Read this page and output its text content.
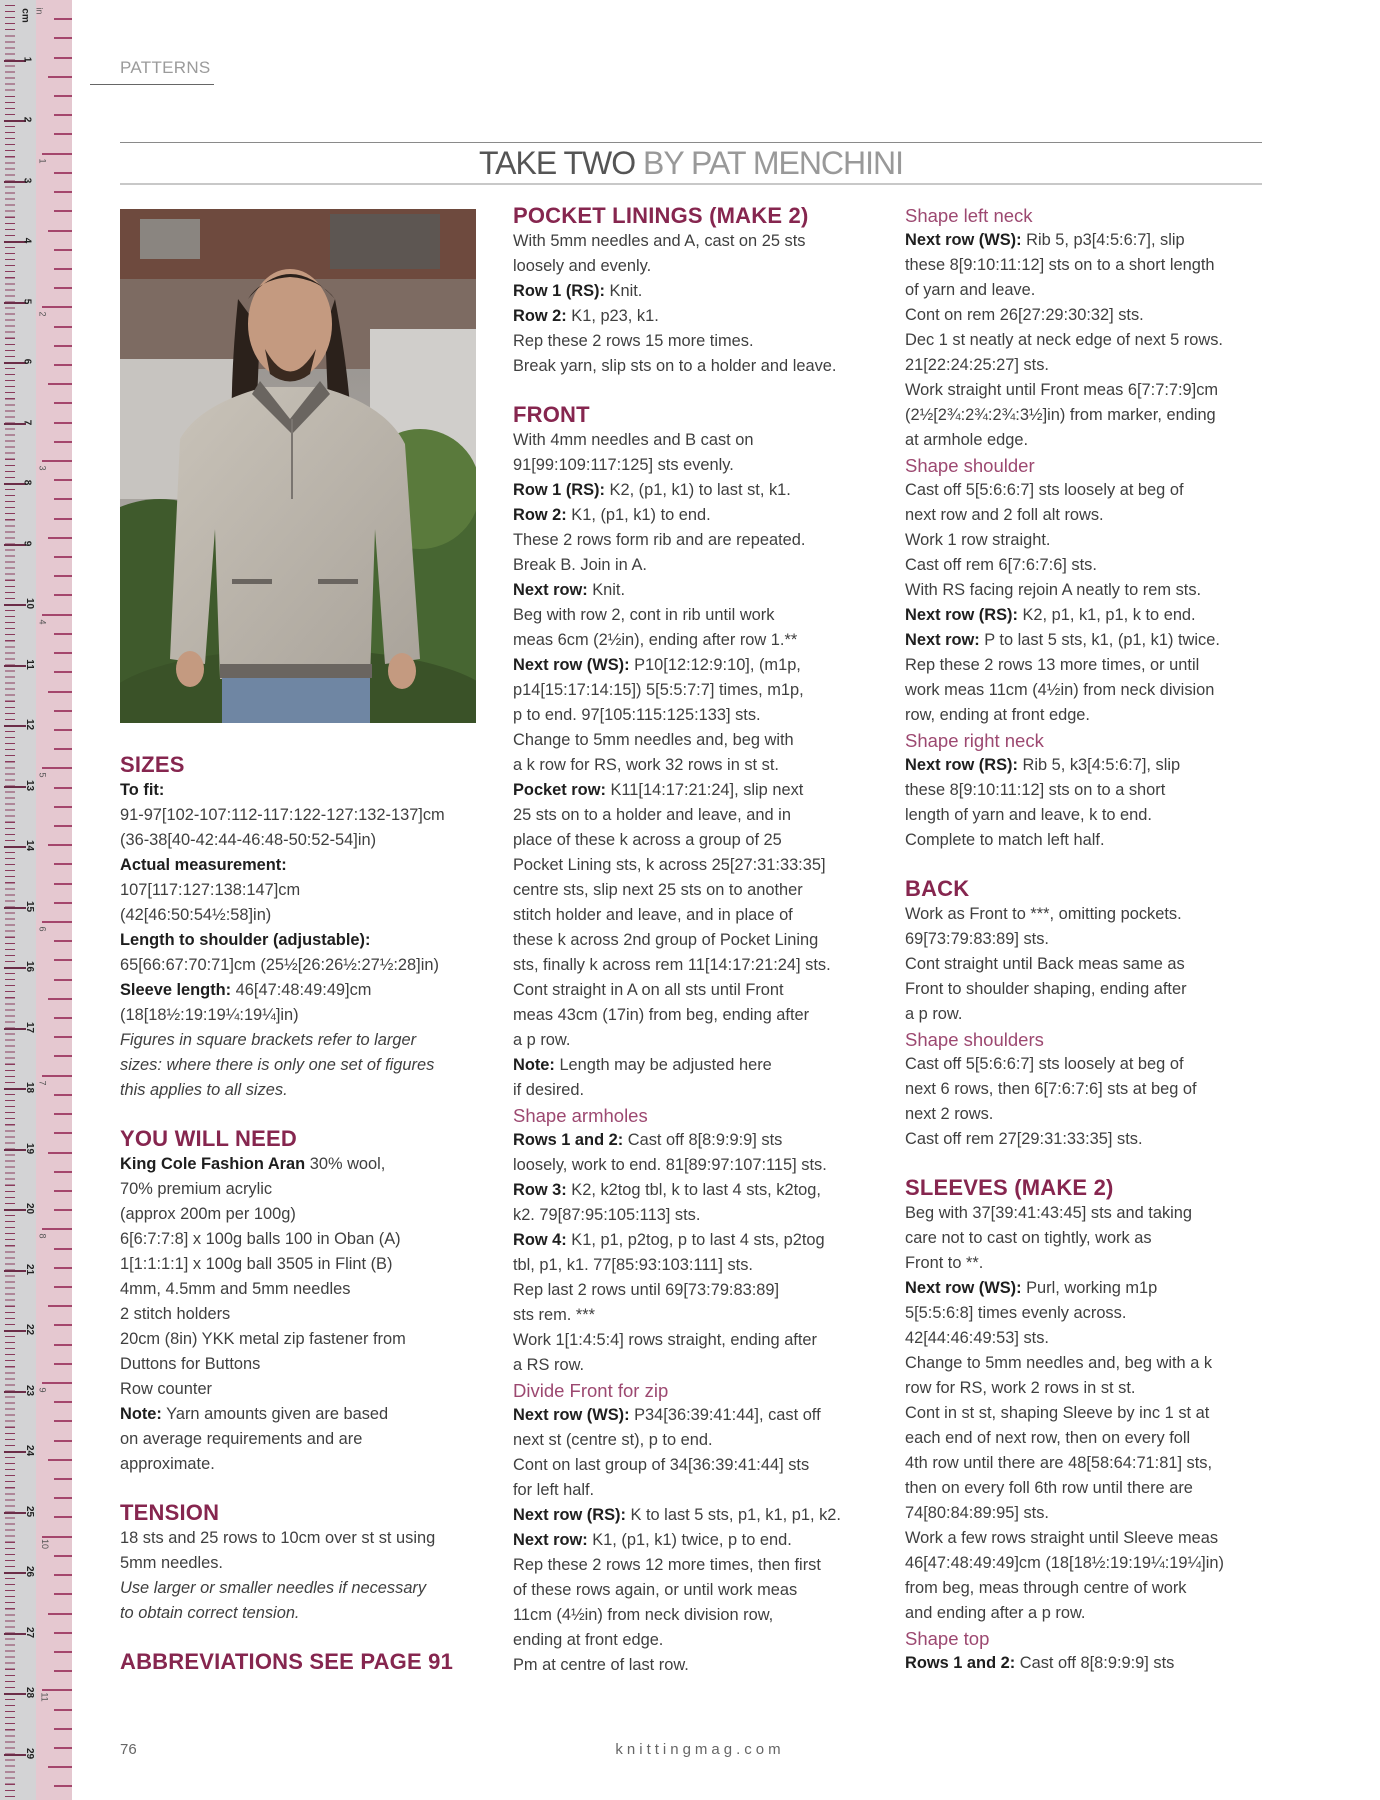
cm in
1
2
3
4
5
6
7
8
9
10
11
12
13
14
15
16
17
18
19
20
21
22
23
24
25
26
27
28
29
1
2
3
4
5
6
7
8
9
10
11
PATTERNS
TAKE TWO BY PAT MENCHINI
SIZES
To fit:
91-97[102-107:112-117:122-127:132-137]cm
(36-38[40-42:44-46:48-50:52-54]in)
Actual measurement:
107[117:127:138:147]cm
(42[46:50:54½:58]in)
Length to shoulder (adjustable):
65[66:67:70:71]cm (25½[26:26½:27½:28]in)
Sleeve length: 46[47:48:49:49]cm
(18[18½:19:19¼:19¼]in)
Figures in square brackets refer to larger
sizes: where there is only one set of figures
this applies to all sizes.
YOU WILL NEED
King Cole Fashion Aran 30% wool,
70% premium acrylic
(approx 200m per 100g)
6[6:7:7:8] x 100g balls 100 in Oban (A)
1[1:1:1:1] x 100g ball 3505 in Flint (B)
4mm, 4.5mm and 5mm needles
2 stitch holders
20cm (8in) YKK metal zip fastener from
Duttons for Buttons
Row counter
Note: Yarn amounts given are based
on average requirements and are
approximate.
TENSION
18 sts and 25 rows to 10cm over st st using
5mm needles.
Use larger or smaller needles if necessary
to obtain correct tension.
ABBREVIATIONS SEE PAGE 91
POCKET LININGS (MAKE 2)
With 5mm needles and A, cast on 25 sts
loosely and evenly.
Row 1 (RS): Knit.
Row 2: K1, p23, k1.
Rep these 2 rows 15 more times.
Break yarn, slip sts on to a holder and leave.
FRONT
With 4mm needles and B cast on
91[99:109:117:125] sts evenly.
Row 1 (RS): K2, (p1, k1) to last st, k1.
Row 2: K1, (p1, k1) to end.
These 2 rows form rib and are repeated.
Break B. Join in A.
Next row: Knit.
Beg with row 2, cont in rib until work
meas 6cm (2½in), ending after row 1.**
Next row (WS): P10[12:12:9:10], (m1p,
p14[15:17:14:15]) 5[5:5:7:7] times, m1p,
p to end. 97[105:115:125:133] sts.
Change to 5mm needles and, beg with
a k row for RS, work 32 rows in st st.
Pocket row: K11[14:17:21:24], slip next
25 sts on to a holder and leave, and in
place of these k across a group of 25
Pocket Lining sts, k across 25[27:31:33:35]
centre sts, slip next 25 sts on to another
stitch holder and leave, and in place of
these k across 2nd group of Pocket Lining
sts, finally k across rem 11[14:17:21:24] sts.
Cont straight in A on all sts until Front
meas 43cm (17in) from beg, ending after
a p row.
Note: Length may be adjusted here
if desired.
Shape armholes
Rows 1 and 2: Cast off 8[8:9:9:9] sts
loosely, work to end. 81[89:97:107:115] sts.
Row 3: K2, k2tog tbl, k to last 4 sts, k2tog,
k2. 79[87:95:105:113] sts.
Row 4: K1, p1, p2tog, p to last 4 sts, p2tog
tbl, p1, k1. 77[85:93:103:111] sts.
Rep last 2 rows until 69[73:79:83:89]
sts rem. ***
Work 1[1:4:5:4] rows straight, ending after
a RS row.
Divide Front for zip
Next row (WS): P34[36:39:41:44], cast off
next st (centre st), p to end.
Cont on last group of 34[36:39:41:44] sts
for left half.
Next row (RS): K to last 5 sts, p1, k1, p1, k2.
Next row: K1, (p1, k1) twice, p to end.
Rep these 2 rows 12 more times, then first
of these rows again, or until work meas
11cm (4½in) from neck division row,
ending at front edge.
Pm at centre of last row.
Shape left neck
Next row (WS): Rib 5, p3[4:5:6:7], slip
these 8[9:10:11:12] sts on to a short length
of yarn and leave.
Cont on rem 26[27:29:30:32] sts.
Dec 1 st neatly at neck edge of next 5 rows.
21[22:24:25:27] sts.
Work straight until Front meas 6[7:7:7:9]cm
(2½[2¾:2¾:2¾:3½]in) from marker, ending
at armhole edge.
Shape shoulder
Cast off 5[5:6:6:7] sts loosely at beg of
next row and 2 foll alt rows.
Work 1 row straight.
Cast off rem 6[7:6:7:6] sts.
With RS facing rejoin A neatly to rem sts.
Next row (RS): K2, p1, k1, p1, k to end.
Next row: P to last 5 sts, k1, (p1, k1) twice.
Rep these 2 rows 13 more times, or until
work meas 11cm (4½in) from neck division
row, ending at front edge.
Shape right neck
Next row (RS): Rib 5, k3[4:5:6:7], slip
these 8[9:10:11:12] sts on to a short
length of yarn and leave, k to end.
Complete to match left half.
BACK
Work as Front to ***, omitting pockets.
69[73:79:83:89] sts.
Cont straight until Back meas same as
Front to shoulder shaping, ending after
a p row.
Shape shoulders
Cast off 5[5:6:6:7] sts loosely at beg of
next 6 rows, then 6[7:6:7:6] sts at beg of
next 2 rows.
Cast off rem 27[29:31:33:35] sts.
SLEEVES (MAKE 2)
Beg with 37[39:41:43:45] sts and taking
care not to cast on tightly, work as
Front to **.
Next row (WS): Purl, working m1p
5[5:5:6:8] times evenly across.
42[44:46:49:53] sts.
Change to 5mm needles and, beg with a k
row for RS, work 2 rows in st st.
Cont in st st, shaping Sleeve by inc 1 st at
each end of next row, then on every foll
4th row until there are 48[58:64:71:81] sts,
then on every foll 6th row until there are
74[80:84:89:95] sts.
Work a few rows straight until Sleeve meas
46[47:48:49:49]cm (18[18½:19:19¼:19¼]in)
from beg, meas through centre of work
and ending after a p row.
Shape top
Rows 1 and 2: Cast off 8[8:9:9:9] sts
76	knittingmag.com
